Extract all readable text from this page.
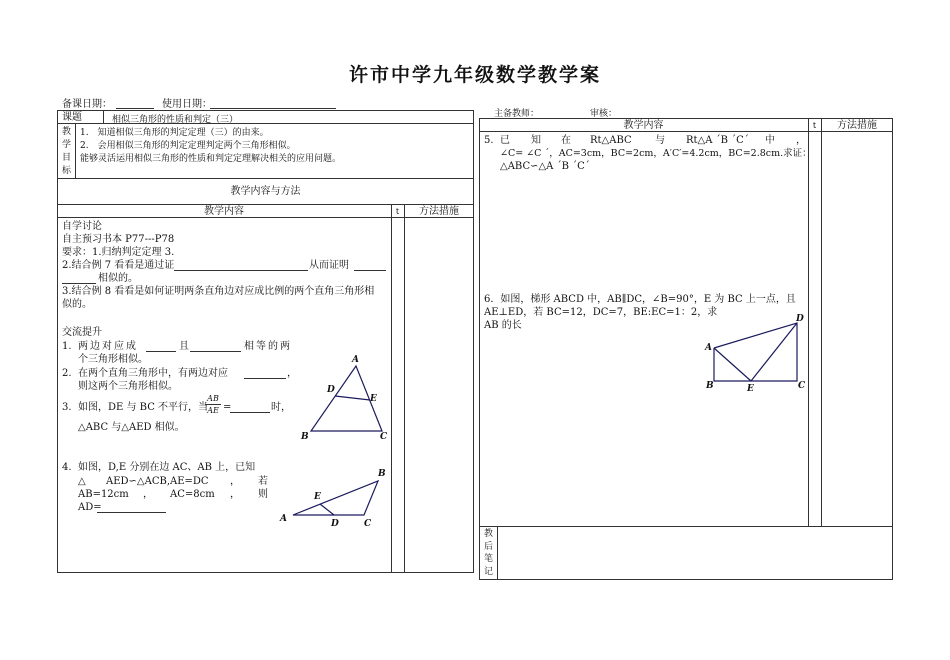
许市中学九年级数学教学案
备课日期：	使用日期：
主备教师：	审核：
课题	相似三角形的性质和判定（三）
教
学
目
标
1.　知道相似三角形的判定定理（三）的由来。
2.　会用相似三角形的判定定理判定两个三角形相似。
能够灵活运用相似三角形的性质和判定定理解决相关的应用问题。
教学内容与方法
教学内容	t	方法措施
自学讨论
自主预习书本 P77---P78
要求：1.归纳判定定理 3.
2.结合例 7 看看是通过证	从而证明
相似的。
3.结合例 8 看看是如何证明两条直角边对应成比例的两个直角三角形相
似的。
交流提升
1. 两边对应成	且	相等的两
个三角形相似。
2. 在两个直角三角形中，有两边对应	，
则这两个三角形相似。
3. 如图，DE 与 BC 不平行，当
AB
AE =	时，
△ABC 与△AED 相似。
4. 如图，D,E 分别在边 AC、AB 上，已知
△ AED∽△ACB,AE=DC ， 若
AB=12cm ， AC=8cm ， 则
AD=
A
D
E
B	C
A
E
D	C
B
教学内容	t	方法措施
5. 已 知 在 Rt△ABC 与 Rt△A ˊB ˊCˊ 中 ，
∠C= ∠C ˊ，AC=3cm，BC=2cm，A′C′=4.2cm，BC=2.8cm.求证：
△ABC∽△A ˊB ˊCˊ
6．如图，梯形 ABCD 中，AB∥DC，∠B=90°，E 为 BC 上一点，且
AE⊥ED，若 BC=12，DC=7，BE:EC=1：2，求
AB 的长
A
D
B	E	C
教
后
笔
记
